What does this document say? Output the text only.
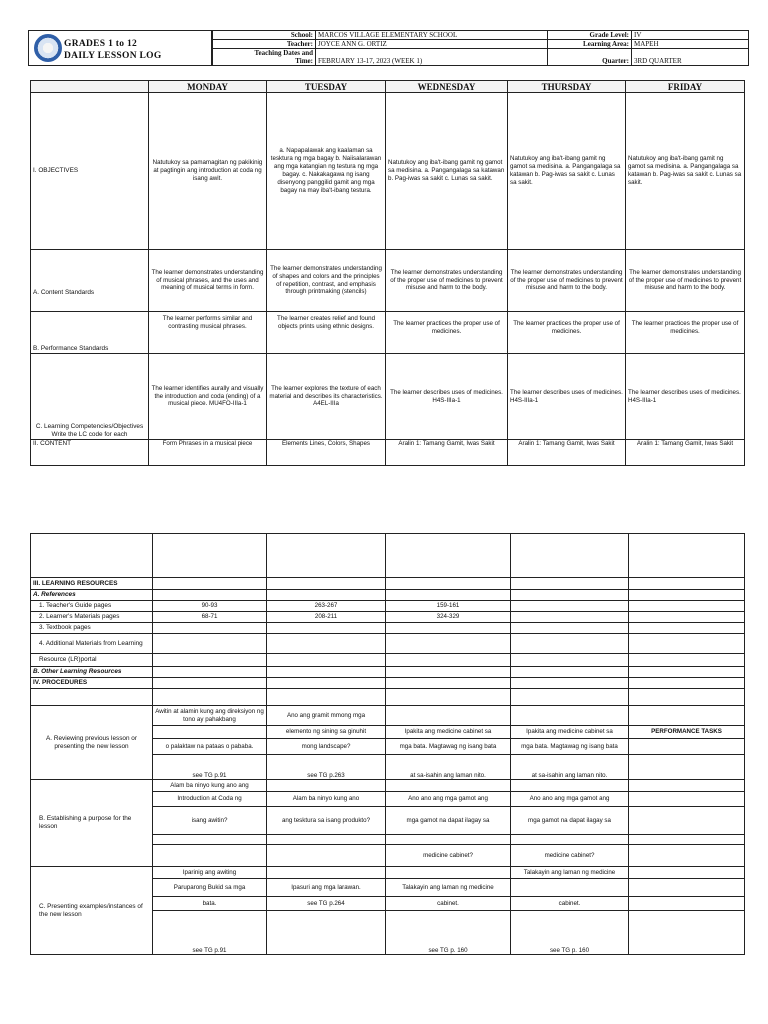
GRADES 1 to 12
DAILY LESSON LOG
School:	MARCOS VILLAGE ELEMENTARY SCHOOL	Grade Level:	IV
Teacher:	JOYCE ANN G. ORTIZ	Learning Area:	MAPEH
Teaching Dates and			
Time:	FEBRUARY 13-17, 2023 (WEEK 1)	Quarter:	3RD QUARTER
	MONDAY	TUESDAY	WEDNESDAY	THURSDAY	FRIDAY
I. OBJECTIVES	Natutukoy sa pamamagitan ng pakikinig at pagtingin ang introduction at coda ng isang awit.	a. Napapalawak ang kaalaman sa tesktura ng mga bagay b. Naiisalarawan ang mga katangian ng testura ng mga bagay. c. Nakakagawa ng isang disenyong panggilid gamit ang mga bagay na may iba't-ibang testura.	Natutukoy ang iba't-ibang gamit ng gamot sa medisina. a. Pangangalaga sa katawan b. Pag-iwas sa sakit c. Lunas sa sakit.	Natutukoy ang iba't-ibang gamit ng gamot sa medisina. a. Pangangalaga sa katawan b. Pag-iwas sa sakit c. Lunas sa sakit.	Natutukoy ang iba't-ibang gamit ng gamot sa medisina. a. Pangangalaga sa katawan b. Pag-iwas sa sakit c. Lunas sa sakit.
A. Content Standards	The learner demonstrates understanding of musical phrases, and the uses and meaning of musical terms in form.	The learner demonstrates understanding of shapes and colors and the principles of repetition, contrast, and emphasis through printmaking (stencils)	The learner demonstrates understanding of the proper use of medicines to prevent misuse and harm to the body.	The learner demonstrates understanding of the proper use of medicines to prevent misuse and harm to the body.	The learner demonstrates understanding of the proper use of medicines to prevent misuse and harm to the body.
B. Performance Standards	The learner performs similar and contrasting musical phrases.	The learner creates relief and found objects prints using ethnic designs.	The learner practices the proper use of medicines.	The learner practices the proper use of medicines.	The learner practices the proper use of medicines.

C. Learning Competencies/Objectives
Write the LC code for each	The learner identifies aurally and visually the introduction and coda (ending) of a musical piece. MU4FO-IIIa-1	The learner explores the texture of each material and describes its characteristics. A4EL-IIIa	The learner describes uses of medicines. H4S-IIIa-1	The learner describes uses of medicines. H4S-IIIa-1	The learner describes uses of medicines. H4S-IIIa-1
II. CONTENT	Form Phrases in a musical piece	Elements Lines, Colors, Shapes	Aralin 1: Tamang Gamit, Iwas Sakit	Aralin 1: Tamang Gamit, Iwas Sakit	Aralin 1: Tamang Gamit, Iwas Sakit

III. LEARNING RESOURCES					
A. References					
1. Teacher's Guide pages	90-93	263-267	159-161		
2. Learner's Materials pages	68-71	208-211	324-329		
3. Textbook pages					
4. Additional Materials from Learning					
Resource (LR)portal					
B. Other Learning Resources					
IV. PROCEDURES					

A. Reviewing previous lesson or presenting the new lesson	Awitin at alamin kung ang direksiyon ng tono ay pahakbang	Ano ang gramit mmong mga			
		elemento ng sining sa ginuhit	Ipakita ang medicine cabinet sa	Ipakita ang medicine cabinet sa	PERFORMANCE TASKS
	o palaktaw na pataas o pababa.	mong landscape?	mga bata. Magtawag ng isang bata	mga bata. Magtawag ng isang bata	
	see TG p.91	see TG p.263	at sa-isahin ang laman nito.	at sa-isahin ang laman nito.	
B. Establishing a purpose for the lesson	Alam ba ninyo kung ano ang				
	Introduction at Coda ng	Alam ba ninyo kung ano	Ano ano ang mga gamot ang	Ano ano ang mga gamot ang	
	isang awitin?	ang tesktura sa isang produkto?	mga gamot na dapat ilagay sa	mga gamot na dapat ilagay sa	

			medicine cabinet?	medicine cabinet?	
C. Presenting examples/instances of the new lesson	Iparinig ang awiting			Talakayin ang laman ng medicine	
	Paruparong Bukid sa mga	Ipasuri ang mga larawan.	Talakayin ang laman ng medicine		
	bata.	see TG p.264	cabinet.	cabinet.	
	see TG p.91		see TG p. 160	see TG p. 160	
